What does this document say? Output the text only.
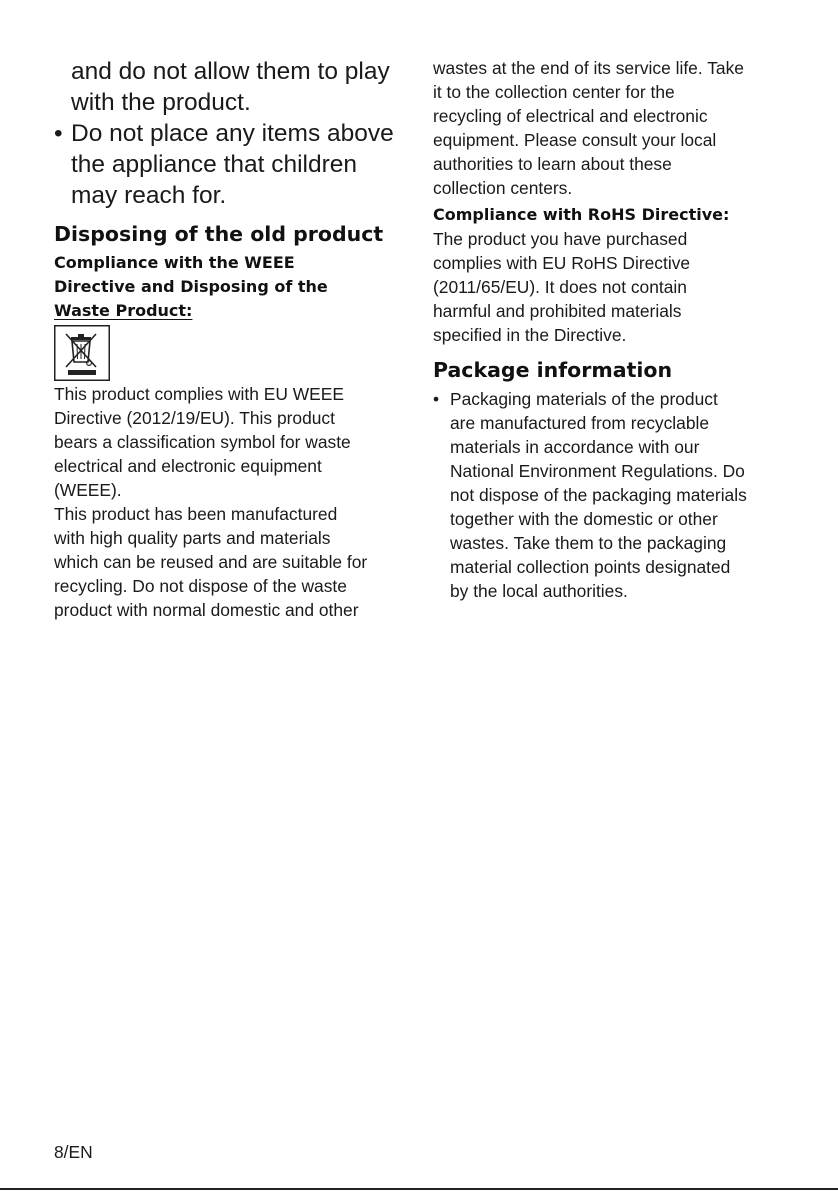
and do not allow them to play

with the product.

• Do not place any items above
the appliance that children
may reach for.
Disposing of the old product
Compliance with the WEEE
Directive and Disposing of the
Waste Product:

This product complies with EU WEEE
Directive (2012/19/EU). This product
bears a classification symbol for waste
electrical and electronic equipment
(WEEE).

This product has been manufactured
with high quality parts and materials
which can be reused and are suitable for
recycling. Do not dispose of the waste
product with normal domestic and other

wastes at the end of its service life. Take
it to the collection center for the
recycling of electrical and electronic
equipment. Please consult your local
authorities to learn about these
collection centers.

Compliance with RoHS Directive:

The product you have purchased
complies with EU RoHS Directive
(2011/65/EU). It does not contain
harmful and prohibited materials
specified in the Directive.

Package information
• Packaging materials of the product
are manufactured from recyclable
materials in accordance with our
National Environment Regulations. Do
not dispose of the packaging materials
together with the domestic or other
wastes. Take them to the packaging
material collection points designated
by the local authorities.
8/EN
